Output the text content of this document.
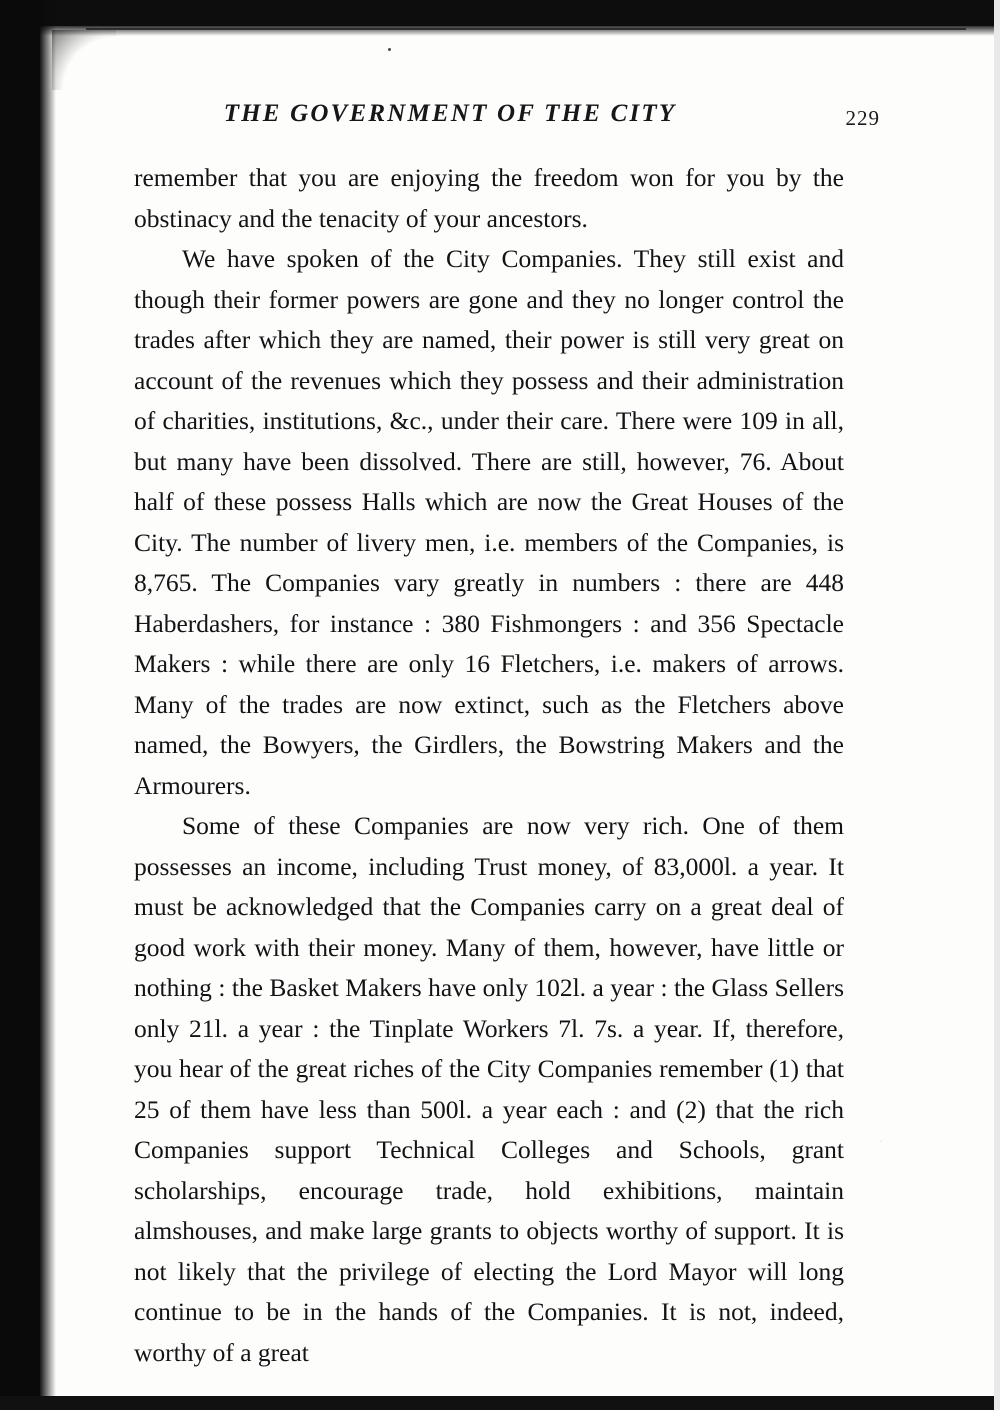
THE GOVERNMENT OF THE CITY	229

remember that you are enjoying the freedom won for you by the obstinacy and the tenacity of your ancestors.

We have spoken of the City Companies. They still exist and though their former powers are gone and they no longer control the trades after which they are named, their power is still very great on account of the revenues which they possess and their administration of charities, institutions, &c., under their care. There were 109 in all, but many have been dissolved. There are still, however, 76. About half of these possess Halls which are now the Great Houses of the City. The number of livery men, i.e. members of the Companies, is 8,765. The Companies vary greatly in numbers : there are 448 Haberdashers, for instance : 380 Fishmongers : and 356 Spectacle Makers : while there are only 16 Fletchers, i.e. makers of arrows. Many of the trades are now extinct, such as the Fletchers above named, the Bowyers, the Girdlers, the Bowstring Makers and the Armourers.

Some of these Companies are now very rich. One of them possesses an income, including Trust money, of 83,000l. a year. It must be acknowledged that the Companies carry on a great deal of good work with their money. Many of them, however, have little or nothing : the Basket Makers have only 102l. a year : the Glass Sellers only 21l. a year : the Tinplate Workers 7l. 7s. a year. If, therefore, you hear of the great riches of the City Companies remember (1) that 25 of them have less than 500l. a year each : and (2) that the rich Companies support Technical Colleges and Schools, grant scholarships, encourage trade, hold exhibitions, maintain almshouses, and make large grants to objects worthy of support. It is not likely that the privilege of electing the Lord Mayor will long continue to be in the hands of the Companies. It is not, indeed, worthy of a great
